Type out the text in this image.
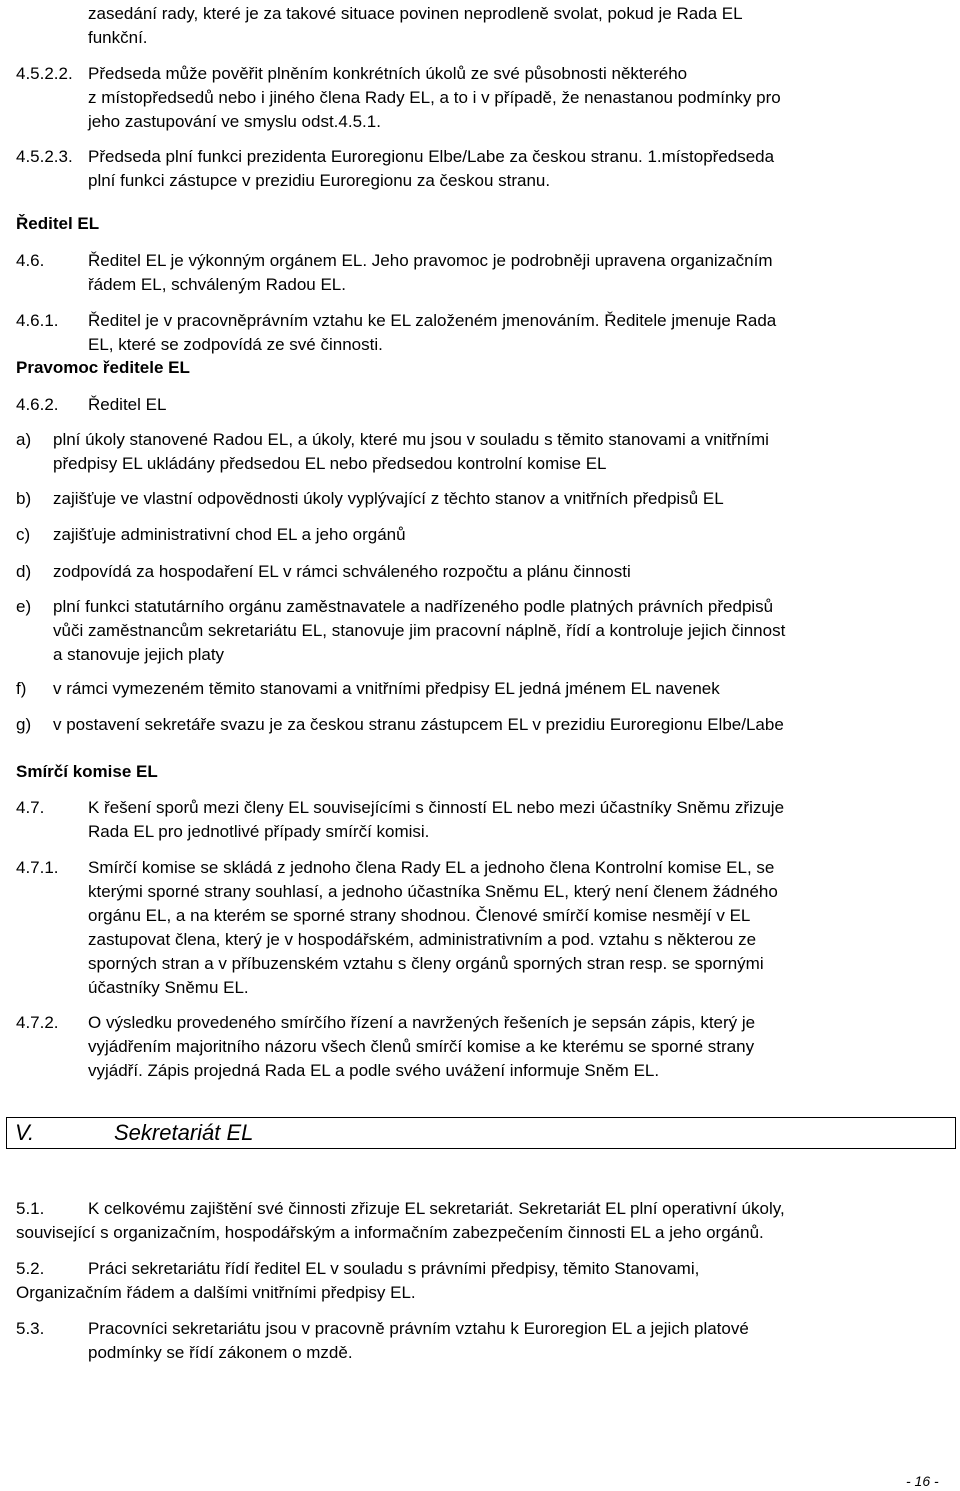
zasedání rady, které je za takové situace povinen neprodleně svolat, pokud je Rada EL
funkční.
4.5.2.2. Předseda může pověřit plněním konkrétních úkolů ze své působnosti některého
z místopředsedů nebo i jiného člena Rady EL, a to i v případě, že nenastanou podmínky pro
jeho zastupování ve smyslu odst.4.5.1.
4.5.2.3. Předseda plní funkci prezidenta Euroregionu Elbe/Labe za českou stranu. 1.místopředseda
plní funkci zástupce v prezidiu Euroregionu za českou stranu.
Ředitel EL
4.6.	Ředitel EL je výkonným orgánem EL. Jeho pravomoc je podrobněji upravena organizačním
řádem EL, schváleným Radou EL.
4.6.1. Ředitel je v pracovněprávním vztahu ke EL založeném jmenováním. Ředitele jmenuje Rada
EL, které se zodpovídá ze své činnosti.
Pravomoc ředitele EL
4.6.2. Ředitel EL
a) plní úkoly stanovené Radou EL, a úkoly, které mu jsou v souladu s těmito stanovami a vnitřními
předpisy EL ukládány předsedou EL nebo předsedou kontrolní komise EL
b) zajišťuje ve vlastní odpovědnosti úkoly vyplývající z těchto stanov a vnitřních předpisů EL
c) zajišťuje administrativní chod EL a jeho orgánů
d) zodpovídá za hospodaření EL v rámci schváleného rozpočtu a plánu činnosti
e) plní funkci statutárního orgánu zaměstnavatele a nadřízeného podle platných právních předpisů
vůči zaměstnancům sekretariátu EL, stanovuje jim pracovní náplně, řídí a kontroluje jejich činnost
a stanovuje jejich platy
f) v rámci vymezeném těmito stanovami a vnitřními předpisy EL jedná jménem EL navenek
g) v postavení sekretáře svazu je za českou stranu zástupcem EL v prezidiu Euroregionu Elbe/Labe
Smírčí komise EL
4.7.	K řešení sporů mezi členy EL souvisejícími s činností EL nebo mezi účastníky Sněmu zřizuje
Rada EL pro jednotlivé případy smírčí komisi.
4.7.1. Smírčí komise se skládá z jednoho člena Rady EL a jednoho člena Kontrolní komise EL, se
kterými sporné strany souhlasí, a jednoho účastníka Sněmu EL, který není členem žádného
orgánu EL, a na kterém se sporné strany shodnou. Členové smírčí komise nesmějí v EL
zastupovat člena, který je v hospodářském, administrativním a pod. vztahu s některou ze
sporných stran a v příbuzenském vztahu s členy orgánů sporných stran resp. se spornými
účastníky Sněmu EL.
4.7.2. O výsledku provedeného smírčího řízení a navržených řešeních je sepsán zápis, který je
vyjádřením majoritního názoru všech členů smírčí komise a ke kterému se sporné strany
vyjádří. Zápis projedná Rada EL a podle svého uvážení informuje Sněm EL.
V.	Sekretariát EL
5.1.	K celkovému zajištění své činnosti zřizuje EL sekretariát. Sekretariát EL plní operativní úkoly,
související s organizačním, hospodářským a informačním zabezpečením činnosti EL a jeho orgánů.
5.2.	Práci sekretariátu řídí ředitel EL v souladu s právními předpisy, těmito Stanovami,
Organizačním řádem a dalšími vnitřními předpisy EL.
5.3.	Pracovníci sekretariátu jsou v pracovně právním vztahu k Euroregion EL a jejich platové
podmínky se řídí zákonem o mzdě.
- 16 -
